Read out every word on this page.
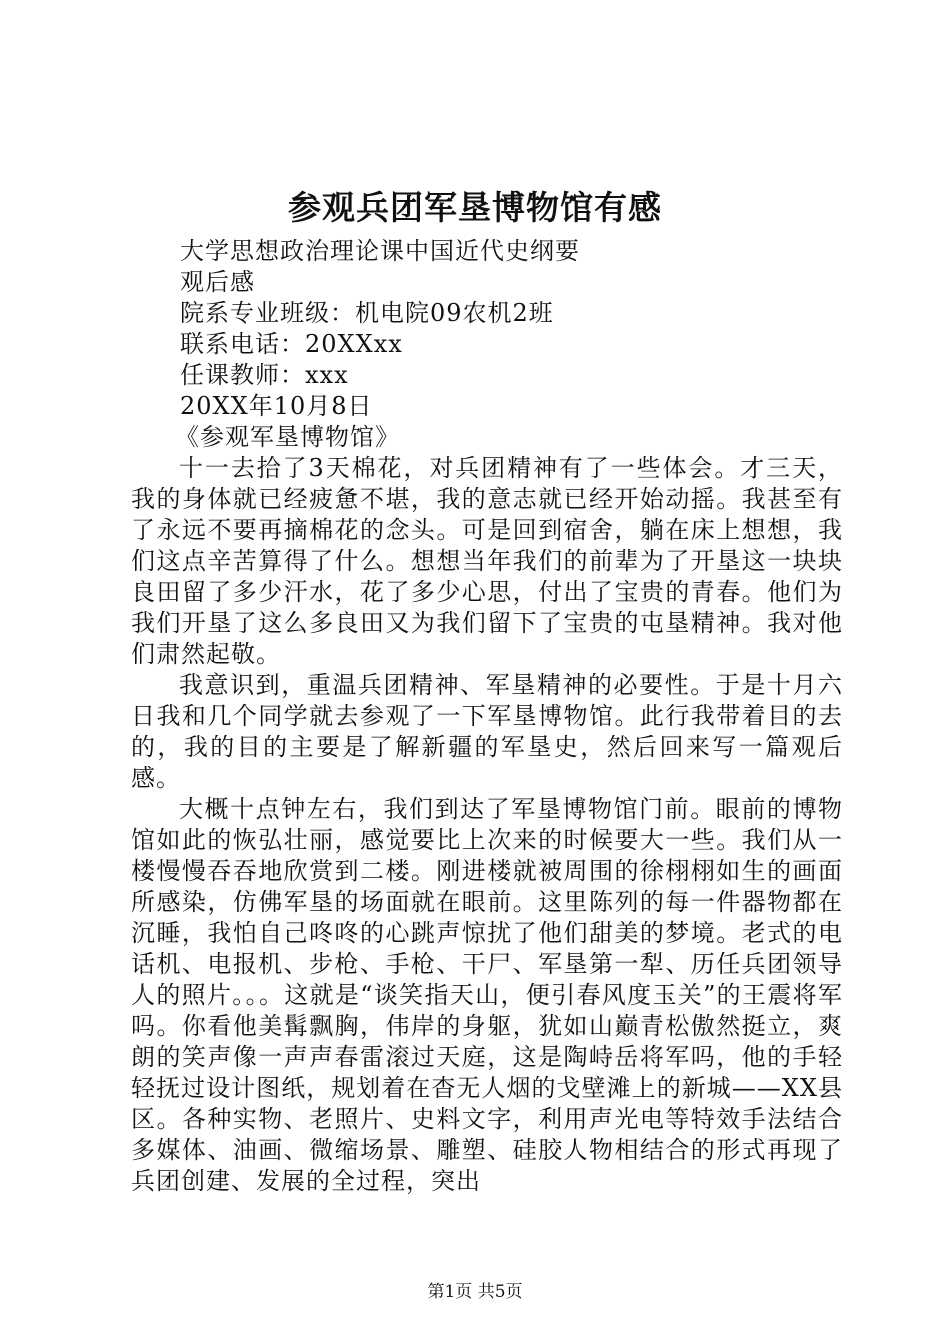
参观兵团军垦博物馆有感
大学思想政治理论课中国近代史纲要
观后感
院系专业班级：机电院09农机2班
联系电话：20XXxx
任课教师：xxx
20XX年10月8日
《参观军垦博物馆》

十一去拾了3天棉花，对兵团精神有了一些体会。才三天，我的身体就已经疲惫不堪，我的意志就已经开始动摇。我甚至有了永远不要再摘棉花的念头。可是回到宿舍，躺在床上想想，我们这点辛苦算得了什么。想想当年我们的前辈为了开垦这一块块良田留了多少汗水，花了多少心思，付出了宝贵的青春。他们为我们开垦了这么多良田又为我们留下了宝贵的屯垦精神。我对他们肃然起敬。

我意识到，重温兵团精神、军垦精神的必要性。于是十月六日我和几个同学就去参观了一下军垦博物馆。此行我带着目的去的，我的目的主要是了解新疆的军垦史，然后回来写一篇观后感。

大概十点钟左右，我们到达了军垦博物馆门前。眼前的博物馆如此的恢弘壮丽，感觉要比上次来的时候要大一些。我们从一楼慢慢吞吞地欣赏到二楼。刚进楼就被周围的徐栩栩如生的画面所感染，仿佛军垦的场面就在眼前。这里陈列的每一件器物都在沉睡，我怕自己咚咚的心跳声惊扰了他们甜美的梦境。老式的电话机、电报机、步枪、手枪、干尸、军垦第一犁、历任兵团领导人的照片。。。这就是“谈笑指天山，便引春风度玉关”的王震将军吗。你看他美髯飘胸，伟岸的身躯，犹如山巅青松傲然挺立，爽朗的笑声像一声声春雷滚过天庭，这是陶峙岳将军吗，他的手轻轻抚过设计图纸，规划着在杳无人烟的戈壁滩上的新城——XX县区。各种实物、老照片、史料文字，利用声光电等特效手法结合多媒体、油画、微缩场景、雕塑、硅胶人物相结合的形式再现了兵团创建、发展的全过程，突出

第1页 共5页
